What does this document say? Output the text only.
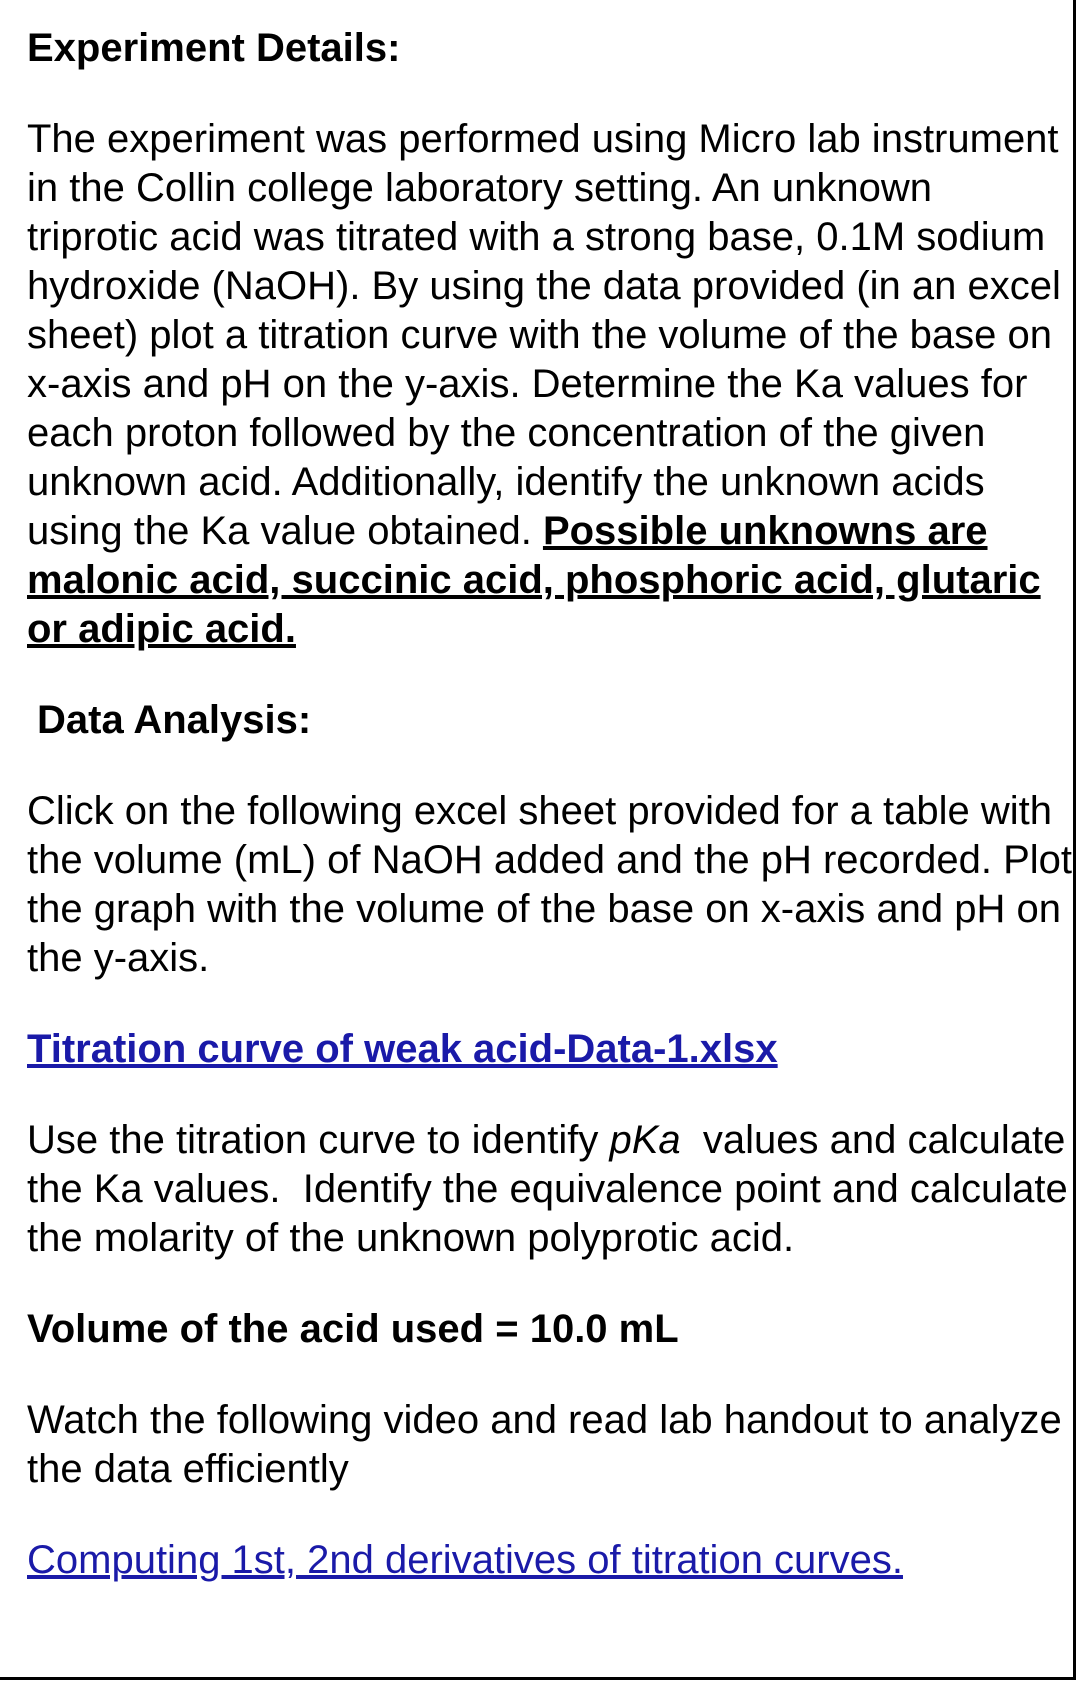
Experiment Details:

The experiment was performed using Micro lab instrument in the Collin college laboratory setting. An unknown triprotic acid was titrated with a strong base, 0.1M sodium hydroxide (NaOH). By using the data provided (in an excel sheet) plot a titration curve with the volume of the base on x-axis and pH on the y-axis. Determine the Ka values for each proton followed by the concentration of the given unknown acid. Additionally, identify the unknown acids using the Ka value obtained. Possible unknowns are malonic acid, succinic acid, phosphoric acid, glutaric or adipic acid.

Data Analysis:

Click on the following excel sheet provided for a table with the volume (mL) of NaOH added and the pH recorded. Plot the graph with the volume of the base on x-axis and pH on the y-axis.

Titration curve of weak acid-Data-1.xlsx

Use the titration curve to identify pKa  values and calculate the Ka values.  Identify the equivalence point and calculate the molarity of the unknown polyprotic acid.

Volume of the acid used = 10.0 mL

Watch the following video and read lab handout to analyze the data efficiently

Computing 1st, 2nd derivatives of titration curves.
